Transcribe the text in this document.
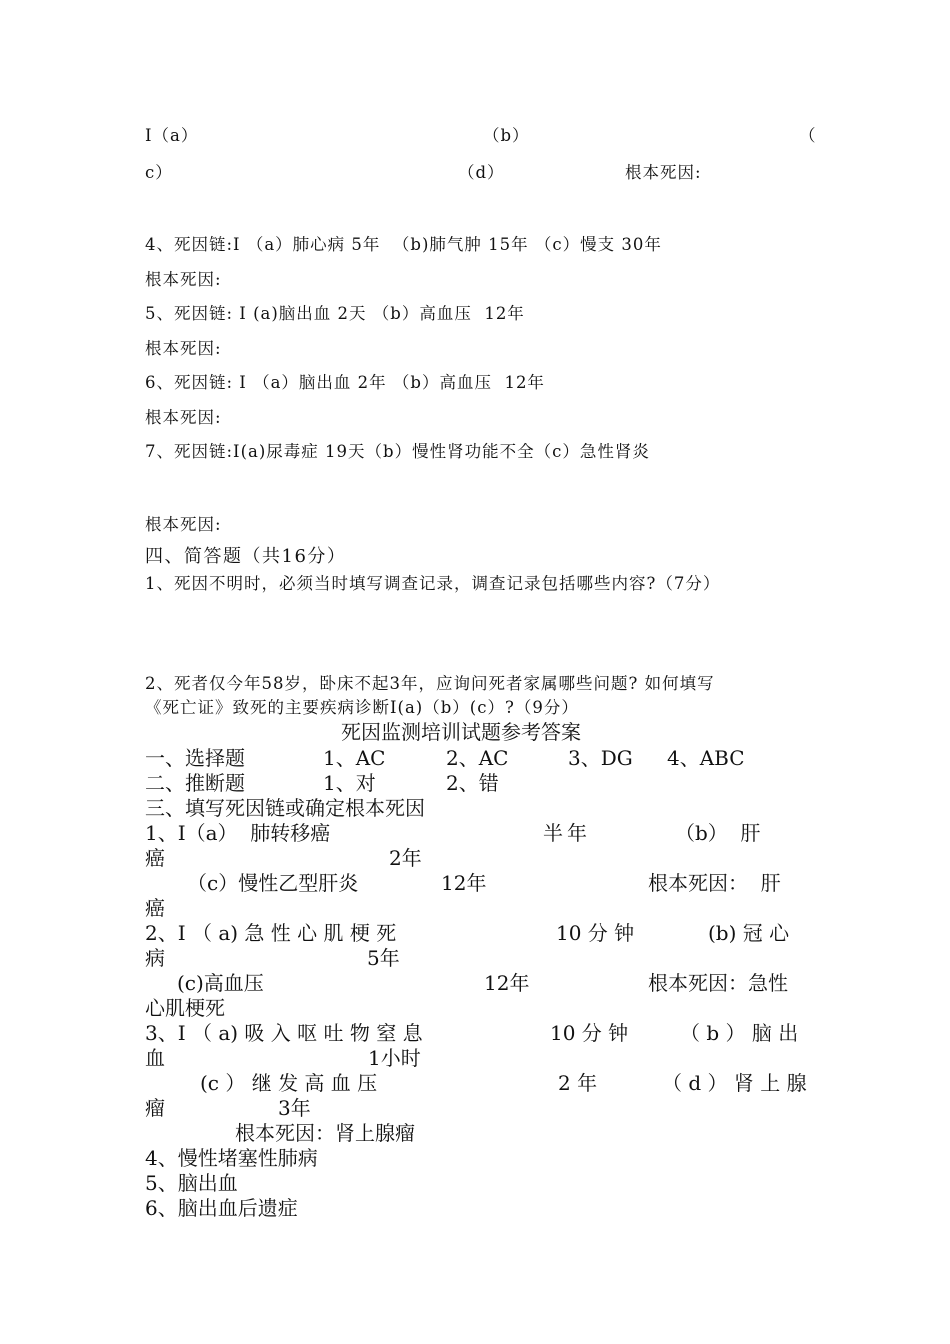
Ⅰ（a）	（b）	（
c）	（d）	根本死因:
4、死因链:Ⅰ （a）肺心病 5年  （b)肺气肿 15年 （c）慢支 30年
根本死因:
5、死因链: Ⅰ (a)脑出血 2天 （b）高血压  12年
根本死因:
6、死因链: Ⅰ （a）脑出血 2年 （b）高血压  12年
根本死因:
7、死因链:Ⅰ(a)尿毒症 19天（b）慢性肾功能不全（c）急性肾炎
根本死因:
四、简答题（共16分）
1、死因不明时，必须当时填写调查记录，调查记录包括哪些内容?（7分）
2、死者仅今年58岁，卧床不起3年，应询问死者家属哪些问题? 如何填写
《死亡证》致死的主要疾病诊断Ⅰ(a)（b）(c）?（9分）
死因监测培训试题参考答案
一、选择题	1、AC	2、AC	3、DG 4、ABC
二、推断题	1、对	2、错
三、填写死因链或确定根本死因
1、Ⅰ（a）  肺转移癌	半年	（b）  肝
癌	2年
（c）慢性乙型肝炎	12年	根本死因：  肝
癌
2、Ⅰ （ a) 急 性 心 肌 梗 死	10 分 钟	(b) 冠 心
病	5年
(c)高血压	12年	根本死因：急性
心肌梗死
3、Ⅰ （ a) 吸 入 呕 吐 物 窒 息	10 分 钟	（ b ） 脑 出
血	1小时
(c ） 继 发 高 血 压	2 年	（ d ） 肾 上 腺
瘤	3年
根本死因：肾上腺瘤
4、慢性堵塞性肺病
5、脑出血
6、脑出血后遗症
